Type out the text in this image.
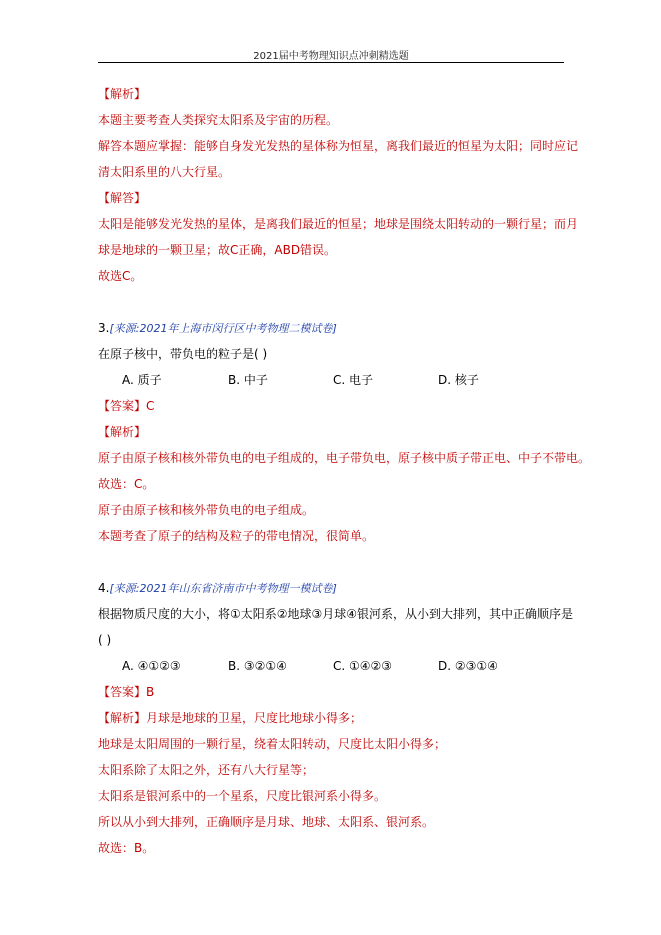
2021届中考物理知识点冲刺精选题
【解析】
本题主要考查人类探究太阳系及宇宙的历程。
解答本题应掌握：能够自身发光发热的星体称为恒星，离我们最近的恒星为太阳；同时应记
清太阳系里的八大行星。
【解答】
太阳是能够发光发热的星体，是离我们最近的恒星；地球是围绕太阳转动的一颗行星；而月
球是地球的一颗卫星；故C正确，ABD错误。
故选C。
3.[来源:2021年上海市闵行区中考物理二模试卷]
在原子核中，带负电的粒子是( )
A. 质子	B. 中子	C. 电子	D. 核子
【答案】C
【解析】
原子由原子核和核外带负电的电子组成的，电子带负电，原子核中质子带正电、中子不带电。
故选：C。
原子由原子核和核外带负电的电子组成。
本题考查了原子的结构及粒子的带电情况，很简单。
4.[来源:2021年山东省济南市中考物理一模试卷]
根据物质尺度的大小，将①太阳系②地球③月球④银河系，从小到大排列，其中正确顺序是
( )
A. ④①②③	B. ③②①④	C. ①④②③	D. ②③①④
【答案】B
【解析】月球是地球的卫星，尺度比地球小得多；
地球是太阳周围的一颗行星，绕着太阳转动，尺度比太阳小得多；
太阳系除了太阳之外，还有八大行星等；
太阳系是银河系中的一个星系，尺度比银河系小得多。
所以从小到大排列，正确顺序是月球、地球、太阳系、银河系。
故选：B。
